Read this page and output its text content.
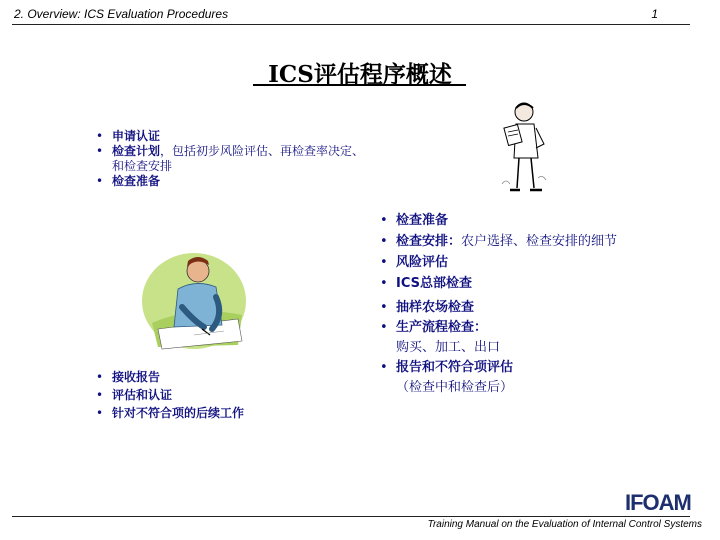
2. Overview: ICS Evaluation Procedures	1
ICS评估程序概述
• 申请认证
• 检查计划，包括初步风险评估、再检查率决定、和检查安排
• 检查准备
• 检查准备
• 检查安排：农户选择、检查安排的细节
• 风险评估
• ICS总部检查
• 抽样农场检查
• 生产流程检查：
购买、加工、出口
• 报告和不符合项评估
（检查中和检查后）
• 接收报告
• 评估和认证
• 针对不符合项的后续工作
IFOAM
Training Manual on the Evaluation of Internal Control Systems
